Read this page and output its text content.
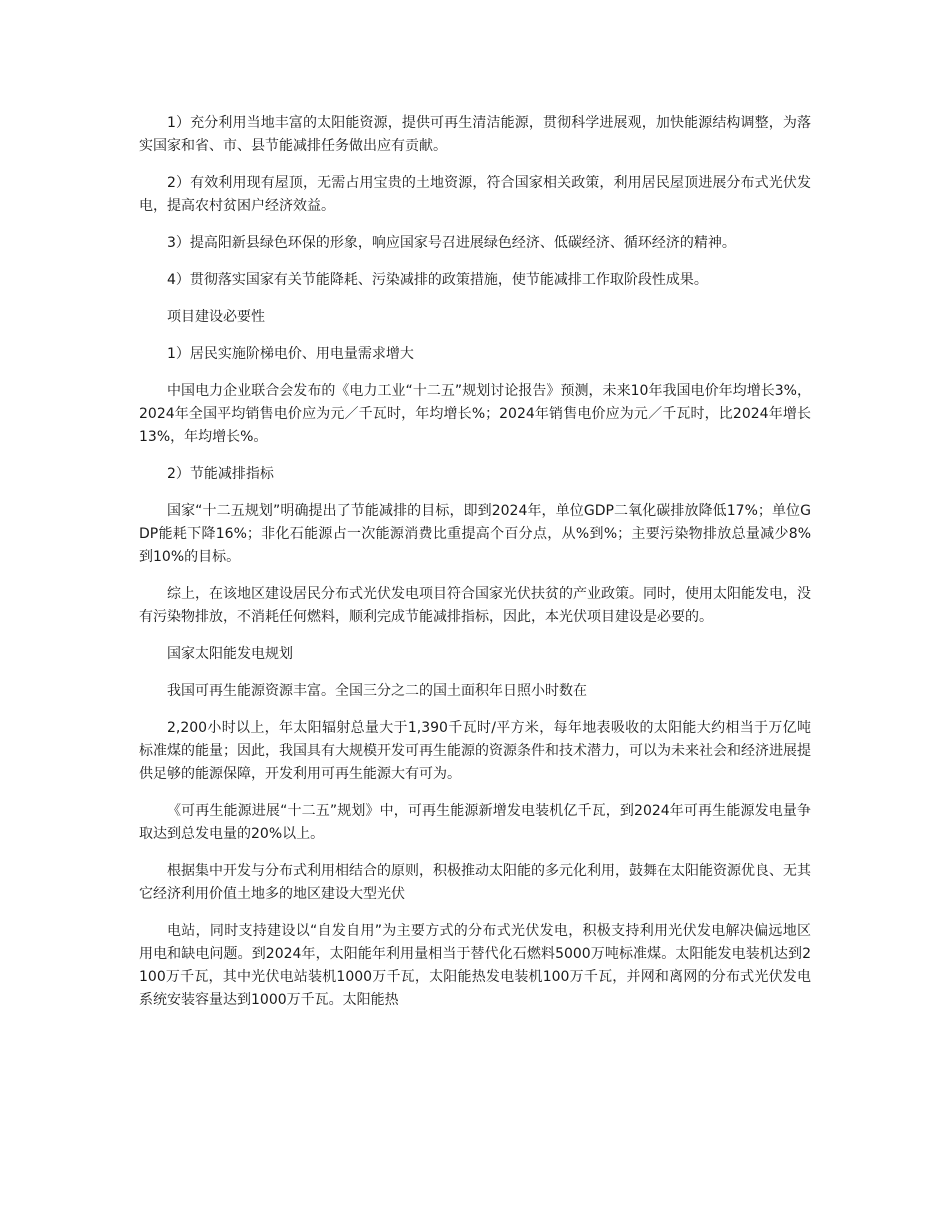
1）充分利用当地丰富的太阳能资源，提供可再生清洁能源，贯彻科学进展观，加快能源结构调整，为落实国家和省、市、县节能减排任务做出应有贡献。

2）有效利用现有屋顶，无需占用宝贵的土地资源，符合国家相关政策，利用居民屋顶进展分布式光伏发电，提高农村贫困户经济效益。

3）提高阳新县绿色环保的形象，响应国家号召进展绿色经济、低碳经济、循环经济的精神。

4）贯彻落实国家有关节能降耗、污染减排的政策措施，使节能减排工作取阶段性成果。

项目建设必要性

1）居民实施阶梯电价、用电量需求增大

中国电力企业联合会发布的《电力工业“十二五”规划讨论报告》预测，未来10年我国电价年均增长3%，2024年全国平均销售电价应为元／千瓦时，年均增长%；2024年销售电价应为元／千瓦时，比2024年增长13%，年均增长%。

2）节能减排指标

国家“十二五规划”明确提出了节能减排的目标，即到2024年，单位GDP二氧化碳排放降低17%；单位GDP能耗下降16%；非化石能源占一次能源消费比重提高个百分点，从%到%；主要污染物排放总量减少8%到10%的目标。

综上，在该地区建设居民分布式光伏发电项目符合国家光伏扶贫的产业政策。同时，使用太阳能发电，没有污染物排放，不消耗任何燃料，顺利完成节能减排指标，因此，本光伏项目建设是必要的。

国家太阳能发电规划

我国可再生能源资源丰富。全国三分之二的国土面积年日照小时数在

2,200小时以上，年太阳辐射总量大于1,390千瓦时/平方米，每年地表吸收的太阳能大约相当于万亿吨标准煤的能量；因此，我国具有大规模开发可再生能源的资源条件和技术潜力，可以为未来社会和经济进展提供足够的能源保障，开发利用可再生能源大有可为。

《可再生能源进展“十二五”规划》中，可再生能源新增发电装机亿千瓦，到2024年可再生能源发电量争取达到总发电量的20%以上。

根据集中开发与分布式利用相结合的原则，积极推动太阳能的多元化利用，鼓舞在太阳能资源优良、无其它经济利用价值土地多的地区建设大型光伏

电站，同时支持建设以“自发自用”为主要方式的分布式光伏发电，积极支持利用光伏发电解决偏远地区用电和缺电问题。到2024年，太阳能年利用量相当于替代化石燃料5000万吨标准煤。太阳能发电装机达到2100万千瓦，其中光伏电站装机1000万千瓦，太阳能热发电装机100万千瓦，并网和离网的分布式光伏发电系统安装容量达到1000万千瓦。太阳能热
